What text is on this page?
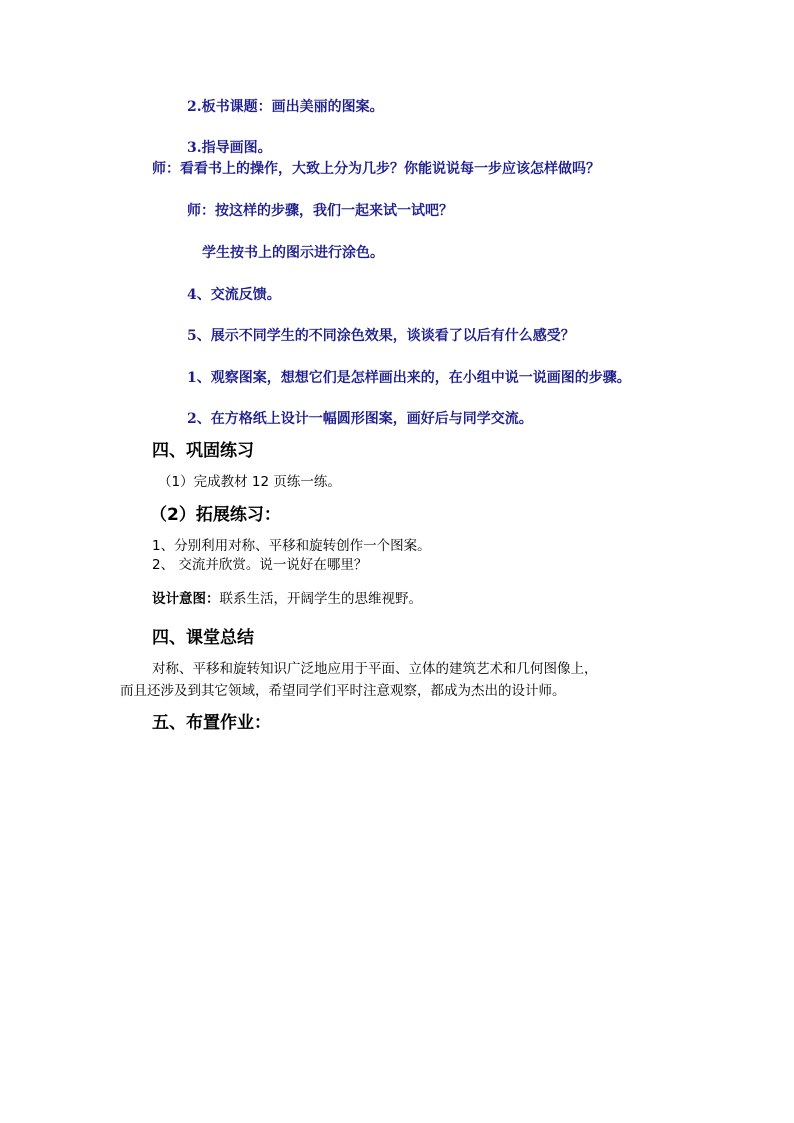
2.板书课题：画出美丽的图案。
3.指导画图。
师：看看书上的操作，大致上分为几步？你能说说每一步应该怎样做吗？
师：按这样的步骤，我们一起来试一试吧？
学生按书上的图示进行涂色。
4、交流反馈。
5、展示不同学生的不同涂色效果，谈谈看了以后有什么感受？
1、观察图案，想想它们是怎样画出来的，在小组中说一说画图的步骤。
2、在方格纸上设计一幅圆形图案，画好后与同学交流。
四、巩固练习
（1）完成教材 12 页练一练。
（2）拓展练习：
1、分别利用对称、平移和旋转创作一个图案。
2、 交流并欣赏。说一说好在哪里？
设计意图：联系生活，开阔学生的思维视野。
四、课堂总结
对称、平移和旋转知识广泛地应用于平面、立体的建筑艺术和几何图像上，
而且还涉及到其它领域，希望同学们平时注意观察，都成为杰出的设计师。
五、布置作业：
